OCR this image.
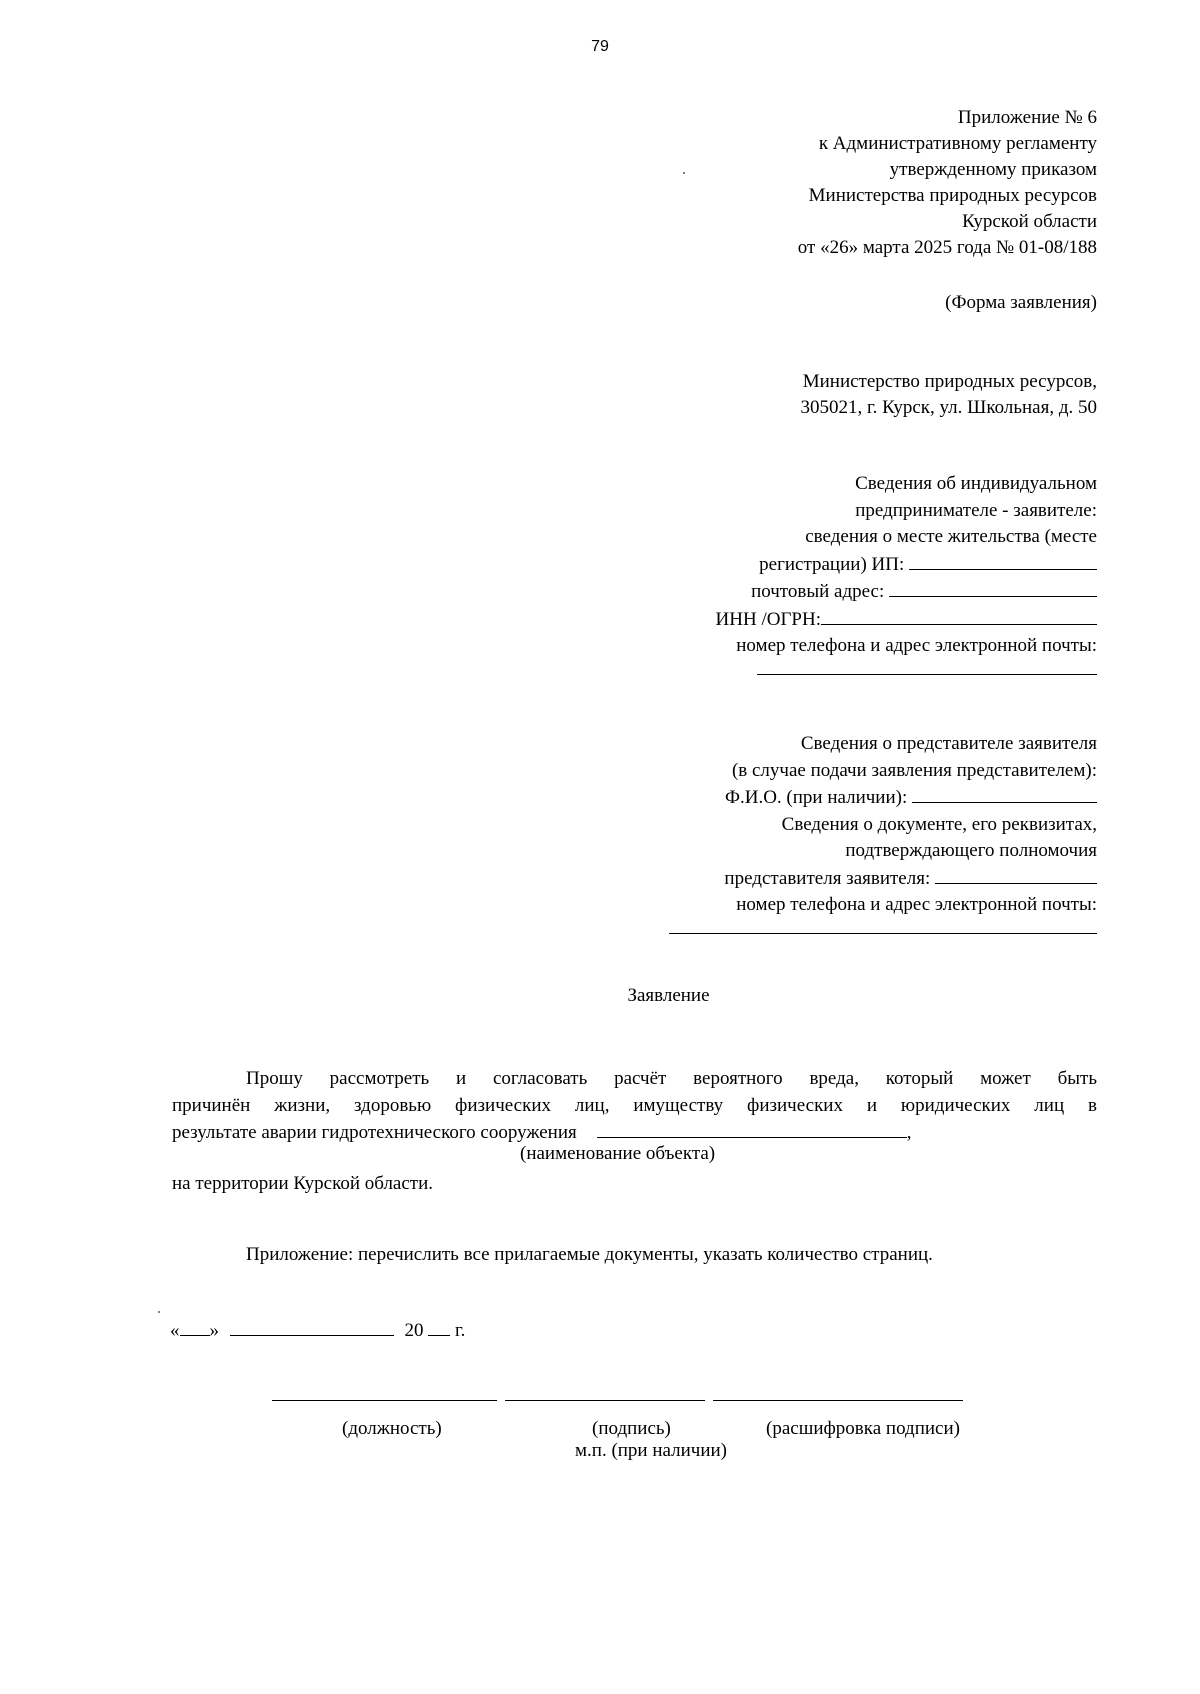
79
Приложение № 6
к Административному регламенту
утвержденному приказом
Министерства природных ресурсов
Курской области
от «26» марта 2025 года № 01-08/188
(Форма заявления)
Министерство природных ресурсов,
305021, г. Курск, ул. Школьная, д. 50
Сведения об индивидуальном
предпринимателе - заявителе:
сведения о месте жительства (месте
регистрации) ИП:
почтовый адрес:
ИНН /ОГРН:
номер телефона и адрес электронной почты:
Сведения о представителе заявителя
(в случае подачи заявления представителем):
Ф.И.О. (при наличии):
Сведения о документе, его реквизитах,
подтверждающего полномочия
представителя заявителя:
номер телефона и адрес электронной почты:
Заявление
Прошу рассмотреть и согласовать расчёт вероятного вреда, который может быть
причинён жизни, здоровью физических лиц, имуществу физических и юридических лиц в
результате аварии гидротехнического сооружения	,
(наименование объекта)
на территории Курской области.
Приложение: перечислить все прилагаемые документы, указать количество страниц.
« »	20 г.
(должность)	(подпись)	(расшифровка подписи)
м.п. (при наличии)
